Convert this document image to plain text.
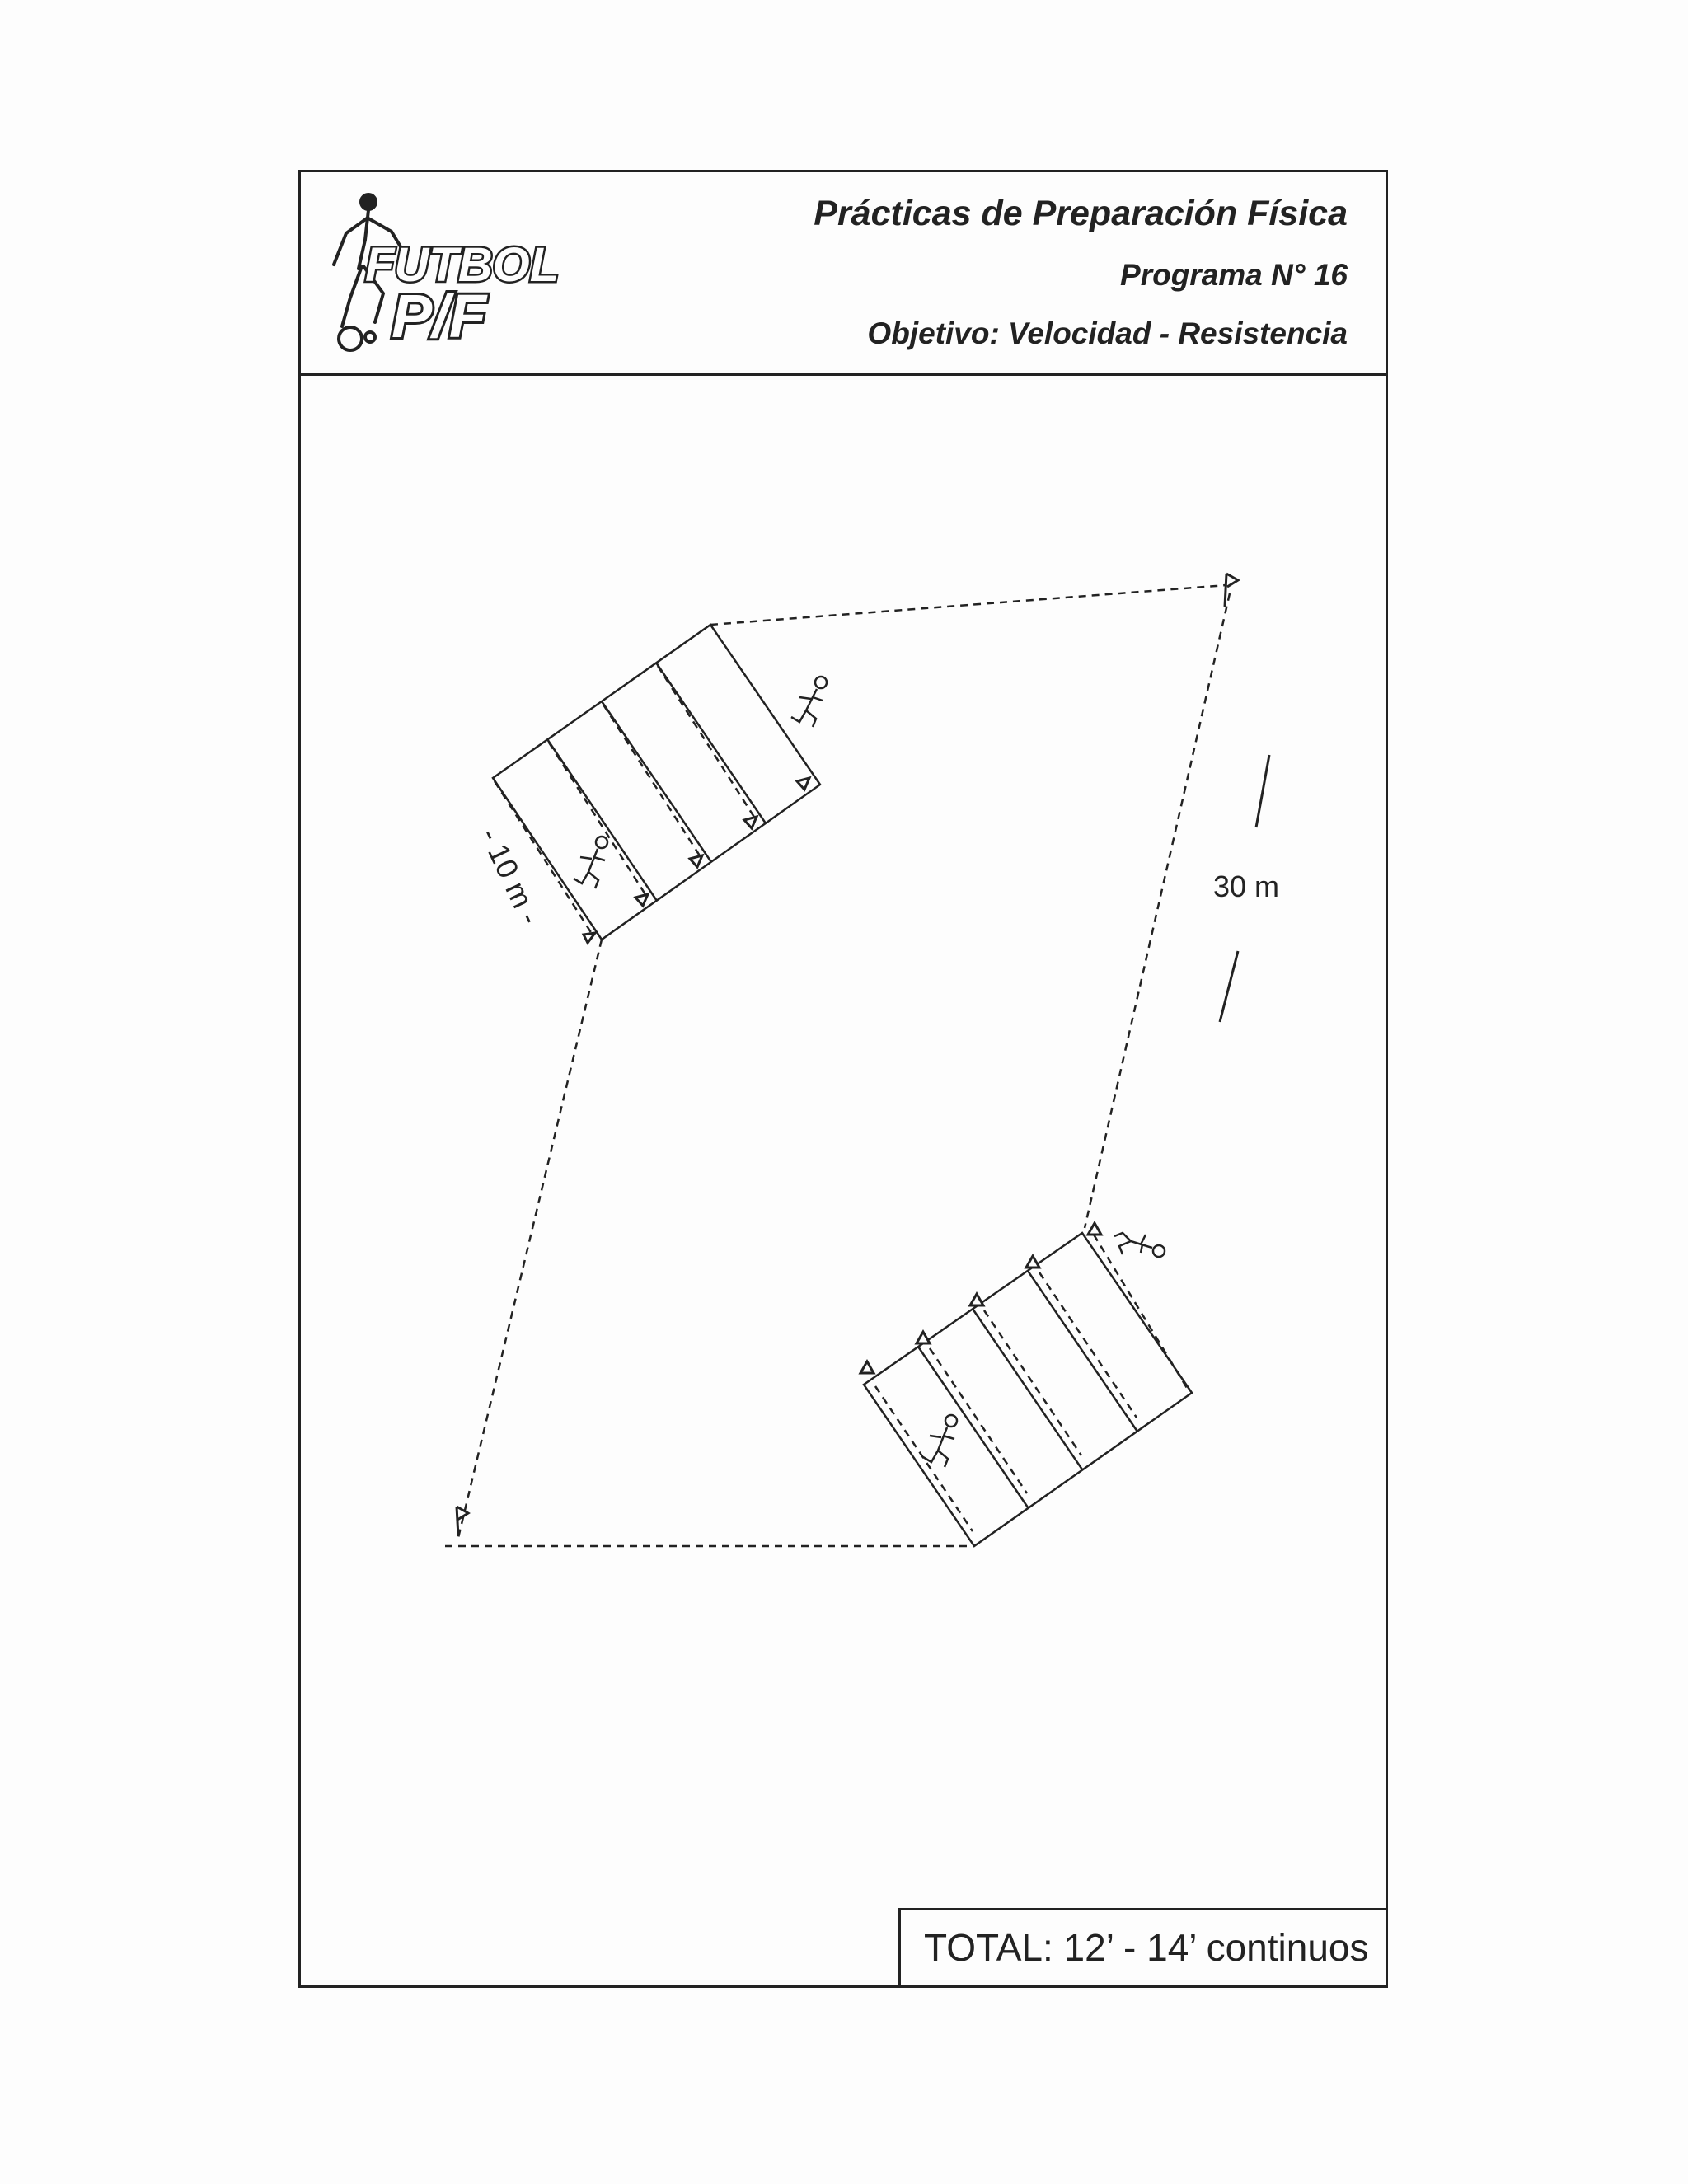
FUTBOL
P/F
Prácticas de Preparación Física
Programa N° 16
Objetivo: Velocidad - Resistencia
TOTAL: 12’ - 14’ continuos
30 m
- 10 m -
